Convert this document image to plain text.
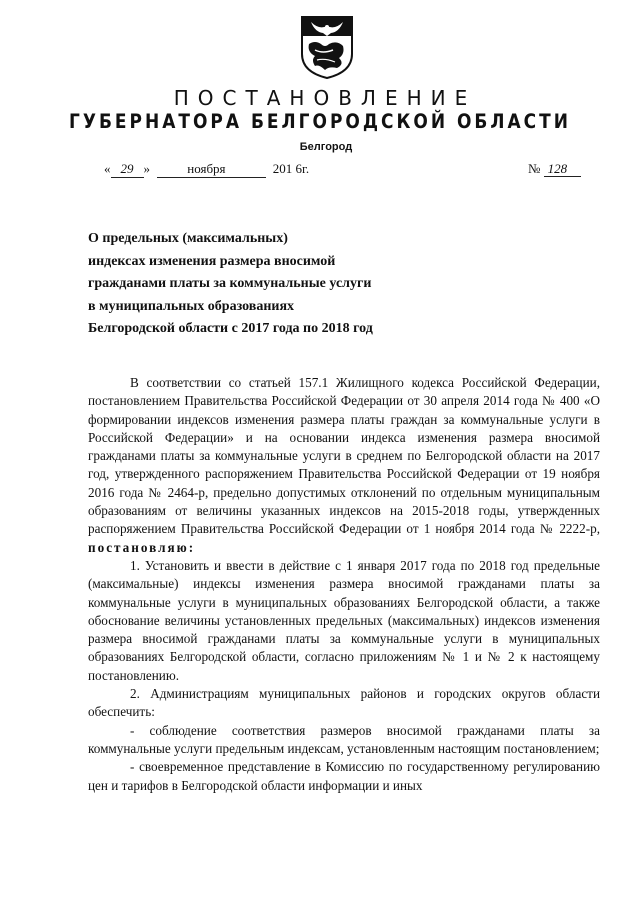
ПОСТАНОВЛЕНИЕ
ГУБЕРНАТОРА БЕЛГОРОДСКОЙ ОБЛАСТИ
Белгород
« 29 »	ноября	201 6г.	№ 128
О предельных (максимальных)
индексах изменения размера вносимой
гражданами платы за коммунальные услуги
в муниципальных образованиях
Белгородской области с 2017 года по 2018 год

В соответствии со статьей 157.1 Жилищного кодекса Российской Федерации, постановлением Правительства Российской Федерации от 30 апреля 2014 года № 400 «О формировании индексов изменения размера платы граждан за коммунальные услуги в Российской Федерации» и на основании индекса изменения размера вносимой гражданами платы за коммунальные услуги в среднем по Белгородской области на 2017 год, утвержденного распоряжением Правительства Российской Федерации от 19 ноября 2016 года № 2464-р, предельно допустимых отклонений по отдельным муниципальным образованиям от величины указанных индексов на 2015-2018 годы, утвержденных распоряжением Правительства Российской Федерации от 1 ноября 2014 года № 2222-р, постановляю:

1. Установить и ввести в действие с 1 января 2017 года по 2018 год предельные (максимальные) индексы изменения размера вносимой гражданами платы за коммунальные услуги в муниципальных образованиях Белгородской области, а также обоснование величины установленных предельных (максимальных) индексов изменения размера вносимой гражданами платы за коммунальные услуги в муниципальных образованиях Белгородской области, согласно приложениям № 1 и № 2 к настоящему постановлению.

2. Администрациям муниципальных районов и городских округов области обеспечить:

- соблюдение соответствия размеров вносимой гражданами платы за коммунальные услуги предельным индексам, установленным настоящим постановлением;

- своевременное представление в Комиссию по государственному регулированию цен и тарифов в Белгородской области информации и иных
